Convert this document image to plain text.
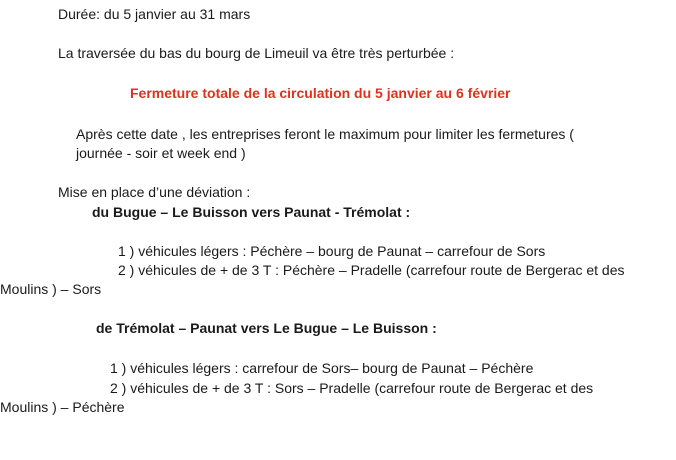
Durée: du 5 janvier au 31 mars
La traversée du bas du bourg de Limeuil va être très perturbée :
Fermeture totale de la circulation du 5 janvier au 6 février
Après cette date , les entreprises feront le maximum pour limiter les fermetures (
journée - soir et week end )
Mise en place d’une déviation :
du Bugue – Le Buisson vers Paunat - Trémolat :
1 ) véhicules légers : Péchère – bourg de Paunat – carrefour de Sors
2 ) véhicules de + de 3 T : Péchère – Pradelle (carrefour route de Bergerac et des
Moulins ) – Sors
de Trémolat – Paunat vers Le Bugue – Le Buisson :
1 ) véhicules légers : carrefour de Sors– bourg de Paunat – Péchère
2 ) véhicules de + de 3 T : Sors – Pradelle (carrefour route de Bergerac et des
Moulins ) – Péchère
